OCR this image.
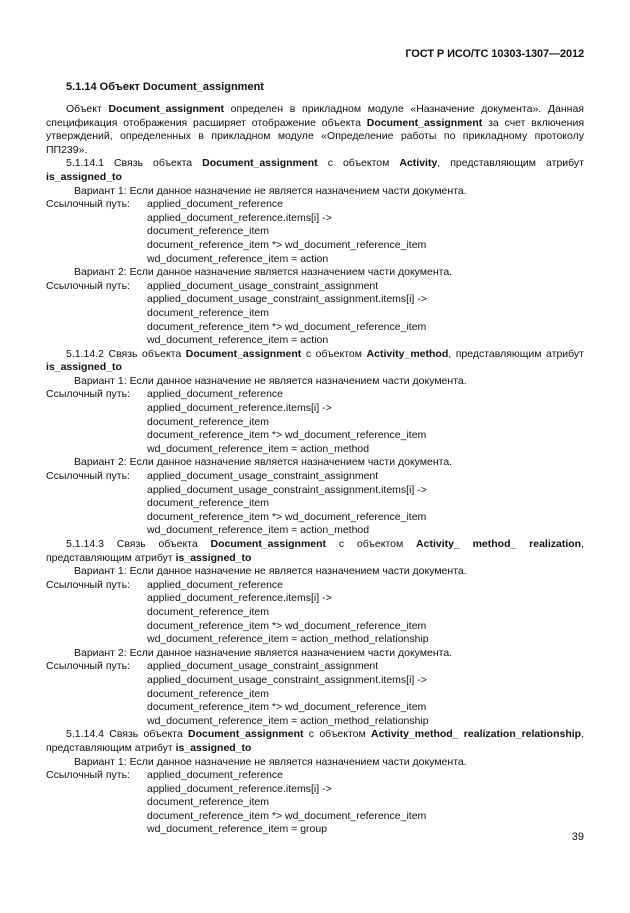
ГОСТ Р ИСО/ТС 10303-1307—2012
5.1.14 Объект Document_assignment

Объект Document_assignment определен в прикладном модуле «Назначение документа». Данная спецификация отображения расширяет отображение объекта Document_assignment за счет включения утверждений, определенных в прикладном модуле «Определение работы по прикладному протоколу ПП239».

5.1.14.1 Связь объекта Document_assignment с объектом Activity, представляющим атрибут is_assigned_to

Вариант 1: Если данное назначение не является назначением части документа.
Ссылочный путь:	applied_document_reference
applied_document_reference.items[i] ->
document_reference_item
document_reference_item *> wd_document_reference_item
wd_document_reference_item = action
Вариант 2: Если данное назначение является назначением части документа.
Ссылочный путь:	applied_document_usage_constraint_assignment
applied_document_usage_constraint_assignment.items[i] ->
document_reference_item
document_reference_item *> wd_document_reference_item
wd_document_reference_item = action

5.1.14.2 Связь объекта Document_assignment с объектом Activity_method, представляющим атрибут is_assigned_to

Вариант 1: Если данное назначение не является назначением части документа.
Ссылочный путь:	applied_document_reference
applied_document_reference.items[i] ->
document_reference_item
document_reference_item *> wd_document_reference_item
wd_document_reference_item = action_method
Вариант 2: Если данное назначение является назначением части документа.
Ссылочный путь:	applied_document_usage_constraint_assignment
applied_document_usage_constraint_assignment.items[i] ->
document_reference_item
document_reference_item *> wd_document_reference_item
wd_document_reference_item = action_method

5.1.14.3 Связь объекта Document_assignment с объектом Activity_ method_ realization, представляющим атрибут is_assigned_to

Вариант 1: Если данное назначение не является назначением части документа.
Ссылочный путь:	applied_document_reference
applied_document_reference.items[i] ->
document_reference_item
document_reference_item *> wd_document_reference_item
wd_document_reference_item = action_method_relationship
Вариант 2: Если данное назначение является назначением части документа.
Ссылочный путь:	applied_document_usage_constraint_assignment
applied_document_usage_constraint_assignment.items[i] ->
document_reference_item
document_reference_item *> wd_document_reference_item
wd_document_reference_item = action_method_relationship

5.1.14.4 Связь объекта Document_assignment с объектом Activity_method_ realization_relationship, представляющим атрибут is_assigned_to

Вариант 1: Если данное назначение не является назначением части документа.
Ссылочный путь:	applied_document_reference
applied_document_reference.items[i] ->
document_reference_item
document_reference_item *> wd_document_reference_item
wd_document_reference_item = group
39
